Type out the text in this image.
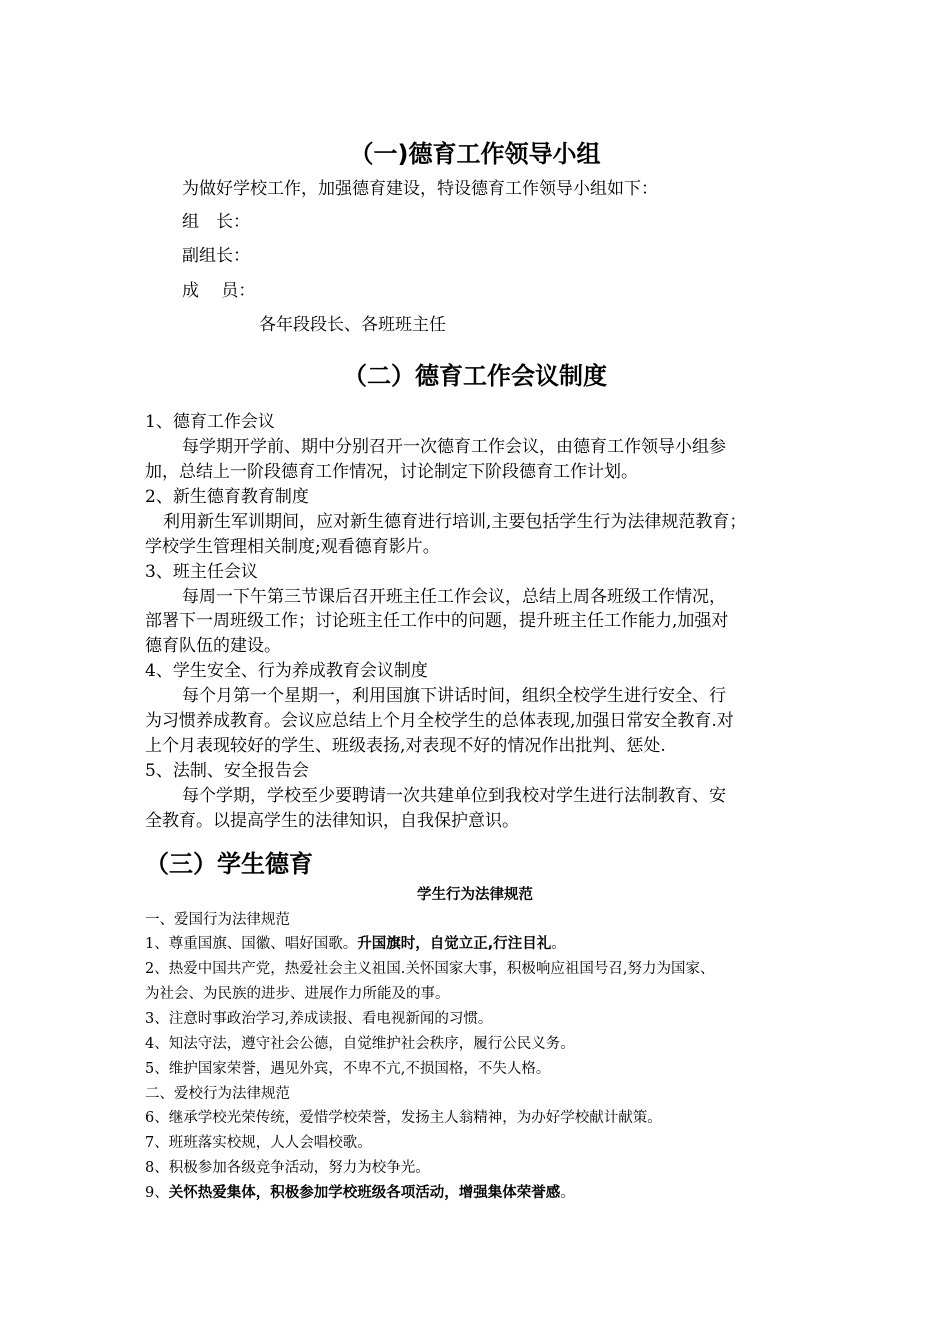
（一)德育工作领导小组
为做好学校工作，加强德育建设，特设德育工作领导小组如下：
组　长：
副组长：
成　 员：
各年段段长、各班班主任
（二）德育工作会议制度
1、德育工作会议
每学期开学前、期中分别召开一次德育工作会议，由德育工作领导小组参
加，总结上一阶段德育工作情况，讨论制定下阶段德育工作计划。
2、新生德育教育制度
利用新生军训期间，应对新生德育进行培训,主要包括学生行为法律规范教育；
学校学生管理相关制度;观看德育影片。
3、班主任会议
每周一下午第三节课后召开班主任工作会议，总结上周各班级工作情况，
部署下一周班级工作；讨论班主任工作中的问题，提升班主任工作能力,加强对
德育队伍的建设。
4、学生安全、行为养成教育会议制度
每个月第一个星期一，利用国旗下讲话时间，组织全校学生进行安全、行
为习惯养成教育。会议应总结上个月全校学生的总体表现,加强日常安全教育.对
上个月表现较好的学生、班级表扬,对表现不好的情况作出批判、惩处.
5、法制、安全报告会
每个学期，学校至少要聘请一次共建单位到我校对学生进行法制教育、安
全教育。以提高学生的法律知识，自我保护意识。
（三）学生德育
学生行为法律规范
一、爱国行为法律规范
1、尊重国旗、国徽、唱好国歌。升国旗时，自觉立正,行注目礼。
2、热爱中国共产党，热爱社会主义祖国.关怀国家大事，积极响应祖国号召,努力为国家、
为社会、为民族的进步、进展作力所能及的事。
3、注意时事政治学习,养成读报、看电视新闻的习惯。
4、知法守法，遵守社会公德，自觉维护社会秩序，履行公民义务。
5、维护国家荣誉，遇见外宾，不卑不亢,不损国格，不失人格。
二、爱校行为法律规范
6、继承学校光荣传统，爱惜学校荣誉，发扬主人翁精神，为办好学校献计献策。
7、班班落实校规，人人会唱校歌。
8、积极参加各级竞争活动，努力为校争光。
9、关怀热爱集体，积极参加学校班级各项活动，增强集体荣誉感。
